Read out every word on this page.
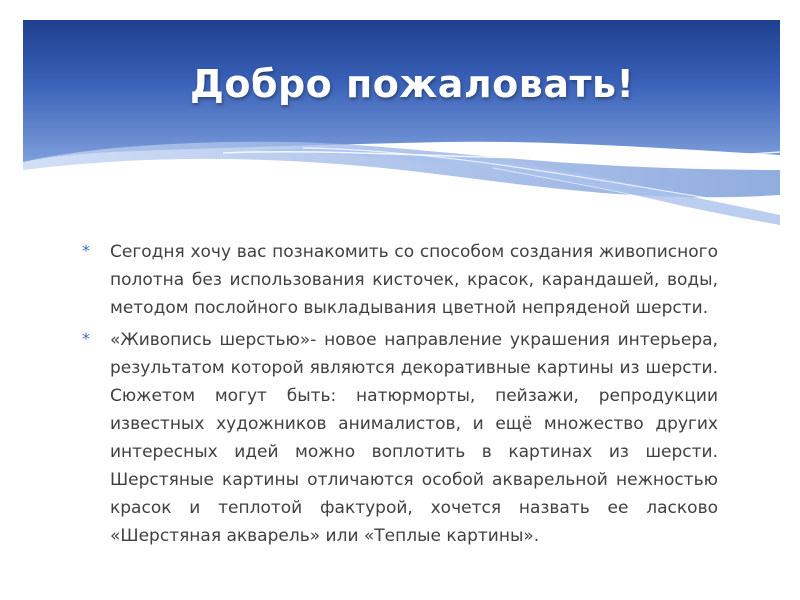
Добро пожаловать!
* Сегодня хочу вас познакомить со способом создания живописного полотна без использования кисточек, красок, карандашей, воды, методом послойного выкладывания цветной непряденой шерсти.
* «Живопись шерстью»- новое направление украшения интерьера, результатом которой являются декоративные картины из шерсти. Сюжетом могут быть: натюрморты, пейзажи, репродукции известных художников анималистов, и ещё множество других интересных идей можно воплотить в картинах из шерсти. Шерстяные картины отличаются особой акварельной нежностью красок и теплотой фактурой, хочется назвать ее ласково «Шерстяная акварель» или «Теплые картины».
